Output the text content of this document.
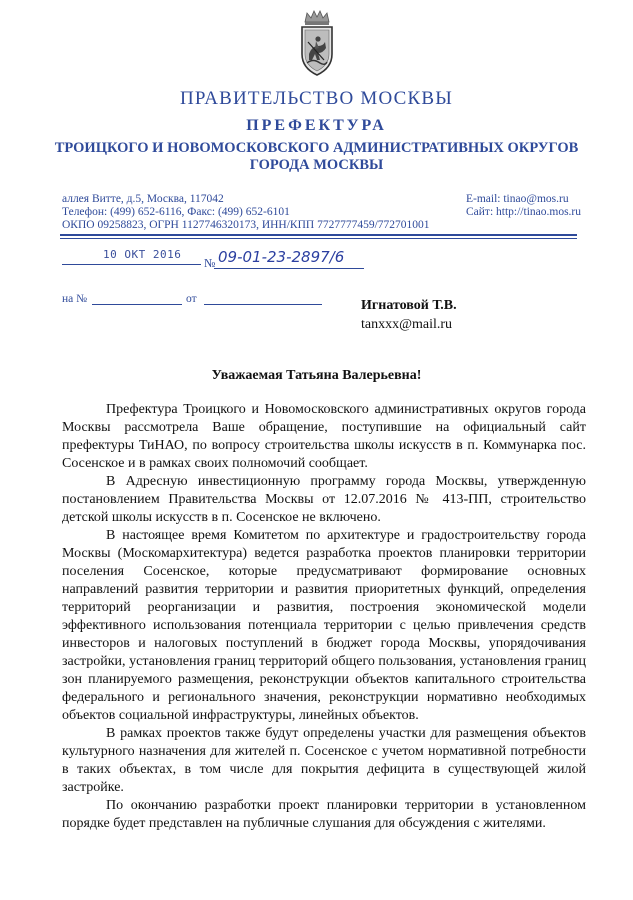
ПРАВИТЕЛЬСТВО МОСКВЫ
ПРЕФЕКТУРА
ТРОИЦКОГО И НОВОМОСКОВСКОГО АДМИНИСТРАТИВНЫХ ОКРУГОВ
ГОРОДА МОСКВЫ
аллея Витте, д.5, Москва, 117042
Телефон: (499) 652-6116, Факс: (499) 652-6101
ОКПО 09258823, ОГРН 1127746320173, ИНН/КПП 7727777459/772701001
E-mail: tinao@mos.ru
Сайт: http://tinao.mos.ru
10 ОКТ 2016
№ 09-01-23-2897/6
на №	от	Игнатовой Т.В.
tanxxx@mail.ru
Уважаемая Татьяна Валерьевна!

Префектура Троицкого и Новомосковского административных округов города Москвы рассмотрела Ваше обращение, поступившие на официальный сайт префектуры ТиНАО, по вопросу строительства школы искусств в п. Коммунарка пос. Сосенское и в рамках своих полномочий сообщает.

В Адресную инвестиционную программу города Москвы, утвержденную постановлением Правительства Москвы от 12.07.2016 № 413-ПП, строительство детской школы искусств в п. Сосенское не включено.

В настоящее время Комитетом по архитектуре и градостроительству города Москвы (Москомархитектура) ведется разработка проектов планировки территории поселения Сосенское, которые предусматривают формирование основных направлений развития территории и развития приоритетных функций, определения территорий реорганизации и развития, построения экономической модели эффективного использования потенциала территории с целью привлечения средств инвесторов и налоговых поступлений в бюджет города Москвы, упорядочивания застройки, установления границ территорий общего пользования, установления границ зон планируемого размещения, реконструкции объектов капитального строительства федерального и регионального значения, реконструкции нормативно необходимых объектов социальной инфраструктуры, линейных объектов.

В рамках проектов также будут определены участки для размещения объектов культурного назначения для жителей п. Сосенское с учетом нормативной потребности в таких объектах, в том числе для покрытия дефицита в существующей жилой застройке.

По окончанию разработки проект планировки территории в установленном порядке будет представлен на публичные слушания для обсуждения с жителями.
